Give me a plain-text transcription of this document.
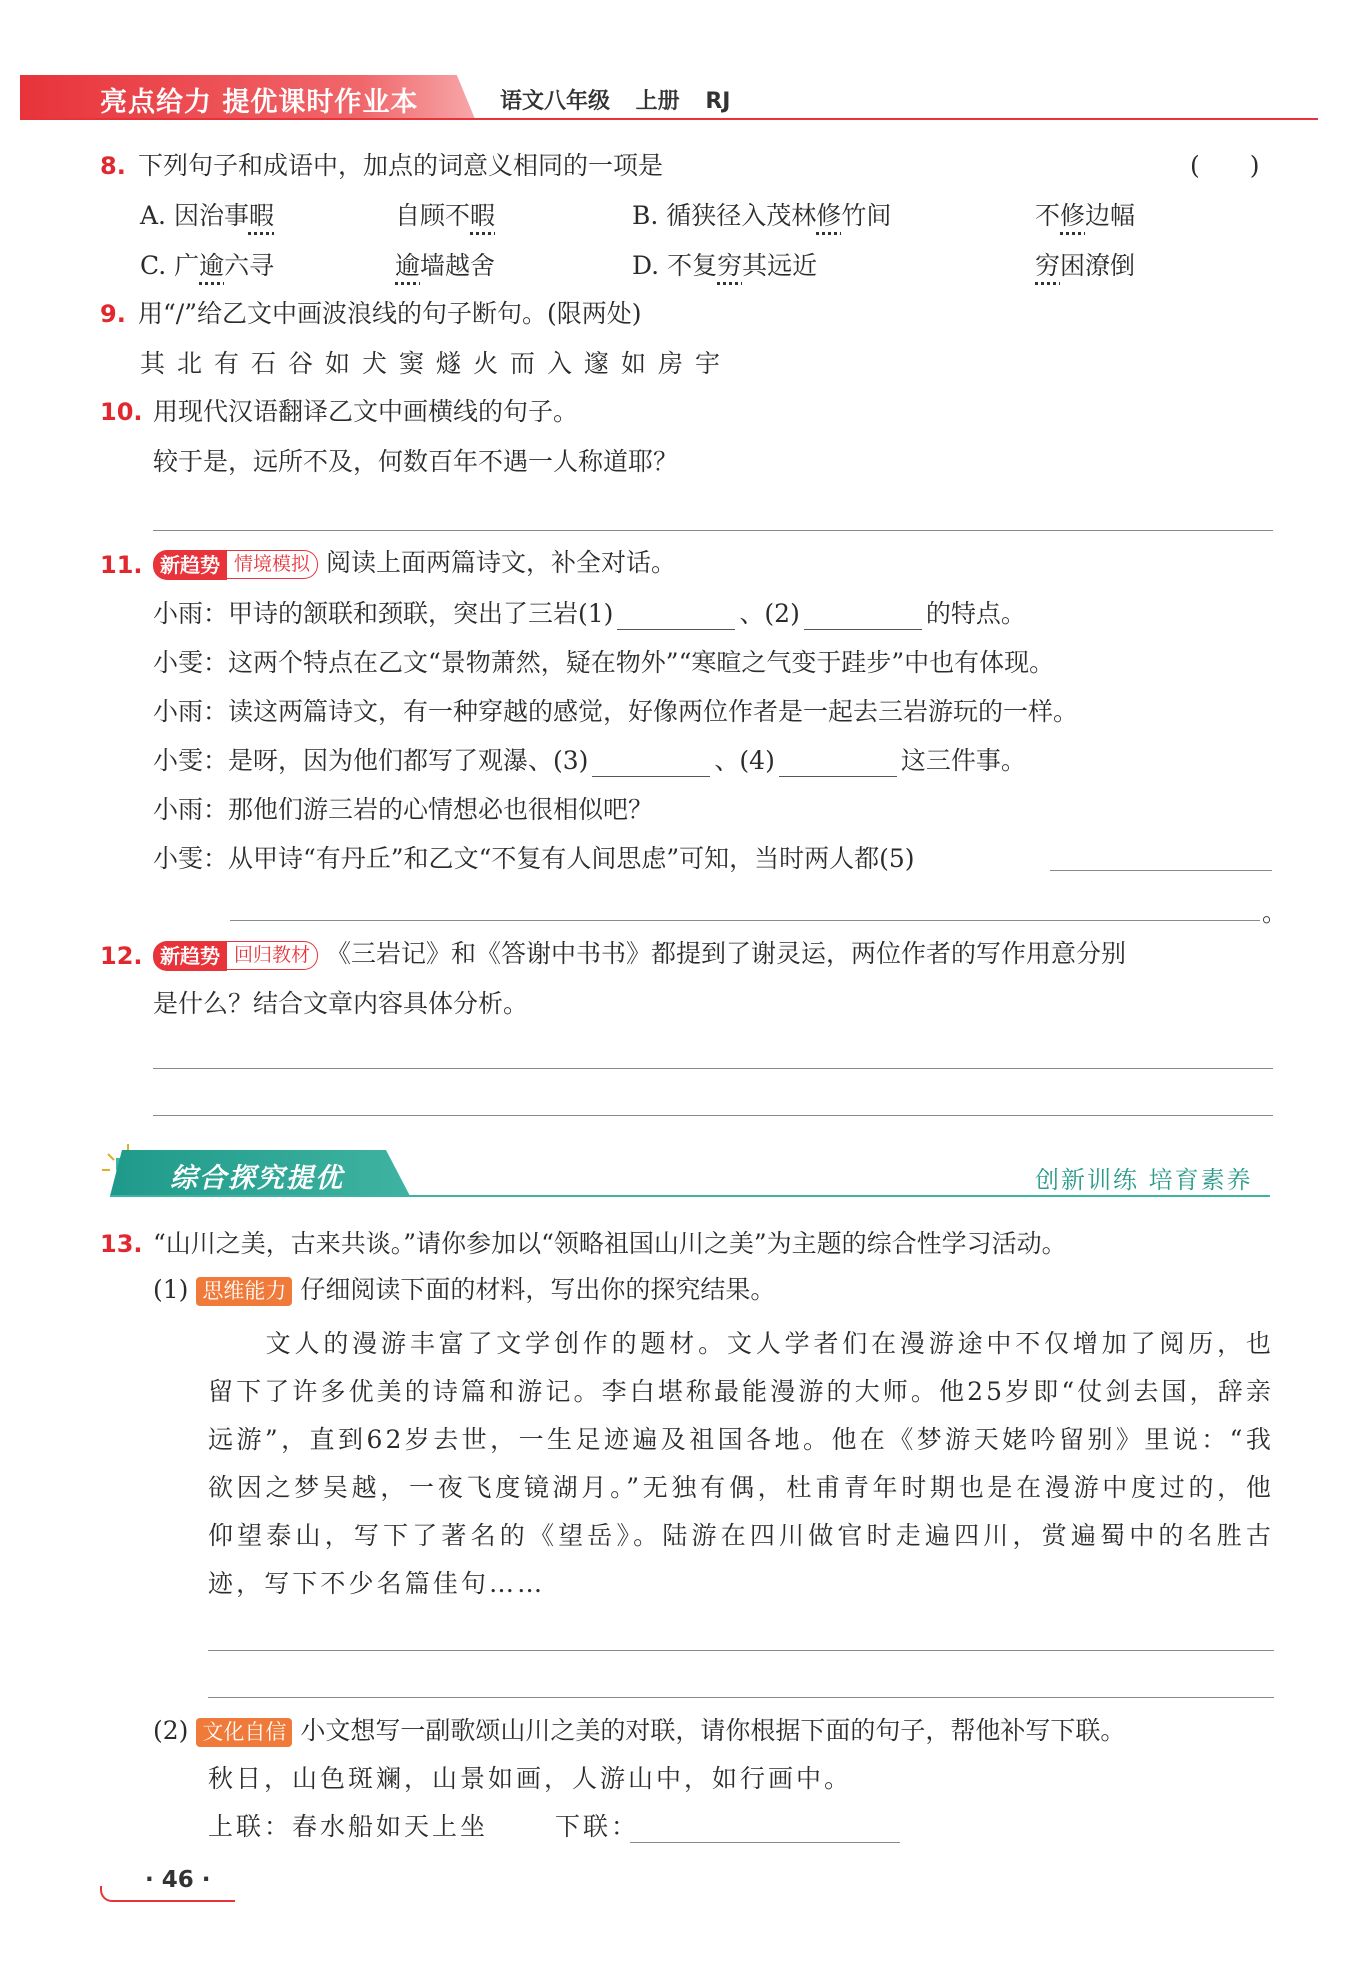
亮点给力 提优课时作业本	语文八年级 上册 RJ
8. 下列句子和成语中，加点的词意义相同的一项是	(　　)
A. 因治事暇	自顾不暇	B. 循狭径入茂林修竹间	不修边幅
C. 广逾六寻	逾墙越舍	D. 不复穷其远近	穷困潦倒
9. 用“/”给乙文中画波浪线的句子断句。(限两处)
其北有石谷如犬窦燧火而入邃如房宇
10. 用现代汉语翻译乙文中画横线的句子。
较于是，远所不及，何数百年不遇一人称道耶？
11. 新趋势 情境模拟 阅读上面两篇诗文，补全对话。
小雨：甲诗的颔联和颈联，突出了三岩(1)	、(2)	的特点。
小雯：这两个特点在乙文“景物萧然，疑在物外”“寒暄之气变于跬步”中也有体现。
小雨：读这两篇诗文，有一种穿越的感觉，好像两位作者是一起去三岩游玩的一样。
小雯：是呀，因为他们都写了观瀑、(3)	、(4)	这三件事。
小雨：那他们游三岩的心情想必也很相似吧？
小雯：从甲诗“有丹丘”和乙文“不复有人间思虑”可知，当时两人都(5)
。
12. 新趋势 回归教材 《三岩记》和《答谢中书书》都提到了谢灵运，两位作者的写作用意分别
是什么？结合文章内容具体分析。
综合探究提优	创新训练 培育素养
13. “山川之美，古来共谈。”请你参加以“领略祖国山川之美”为主题的综合性学习活动。
(1) 思维能力 仔细阅读下面的材料，写出你的探究结果。
　　文人的漫游丰富了文学创作的题材。文人学者们在漫游途中不仅增加了阅历，也留下了许多优美的诗篇和游记。李白堪称最能漫游的大师。他25岁即“仗剑去国，辞亲远游”，直到62岁去世，一生足迹遍及祖国各地。他在《梦游天姥吟留别》里说：“我欲因之梦吴越，一夜飞度镜湖月。”无独有偶，杜甫青年时期也是在漫游中度过的，他仰望泰山，写下了著名的《望岳》。陆游在四川做官时走遍四川，赏遍蜀中的名胜古迹，写下不少名篇佳句……
(2) 文化自信 小文想写一副歌颂山川之美的对联，请你根据下面的句子，帮他补写下联。
秋日，山色斑斓，山景如画，人游山中，如行画中。
上联：春水船如天上坐	下联：
· 46 ·
